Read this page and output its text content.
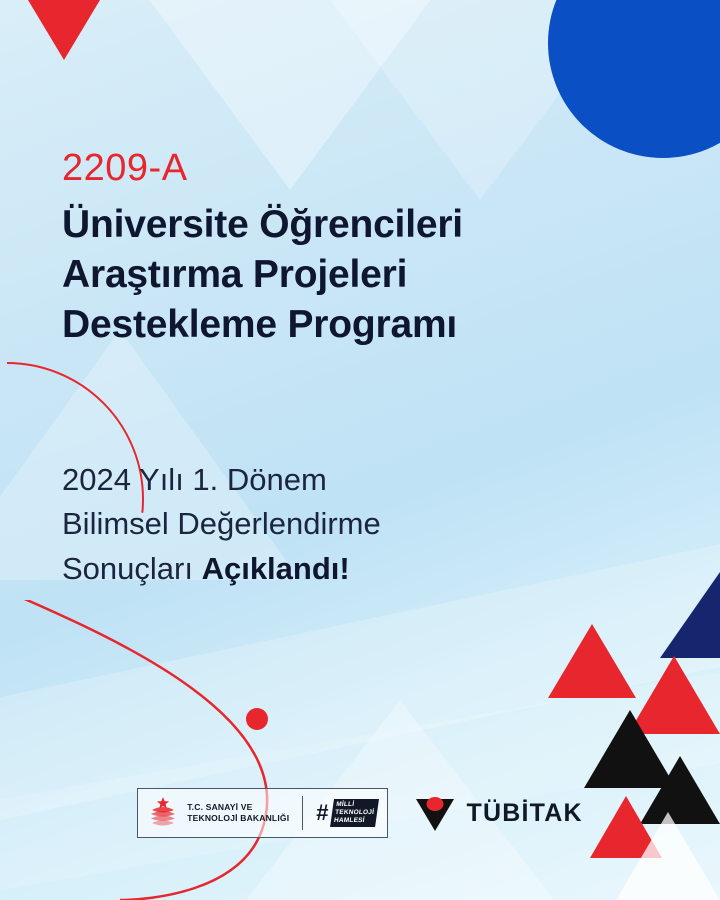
2209-A
Üniversite Öğrencileri
Araştırma Projeleri
Destekleme Programı
2024 Yılı 1. Dönem
Bilimsel Değerlendirme
Sonuçları Açıklandı!
T.C. SANAYİ VE
TEKNOLOJİ BAKANLIĞI # MİLLİ
TEKNOLOJİ
HAMLESİ	TÜBİTAK
